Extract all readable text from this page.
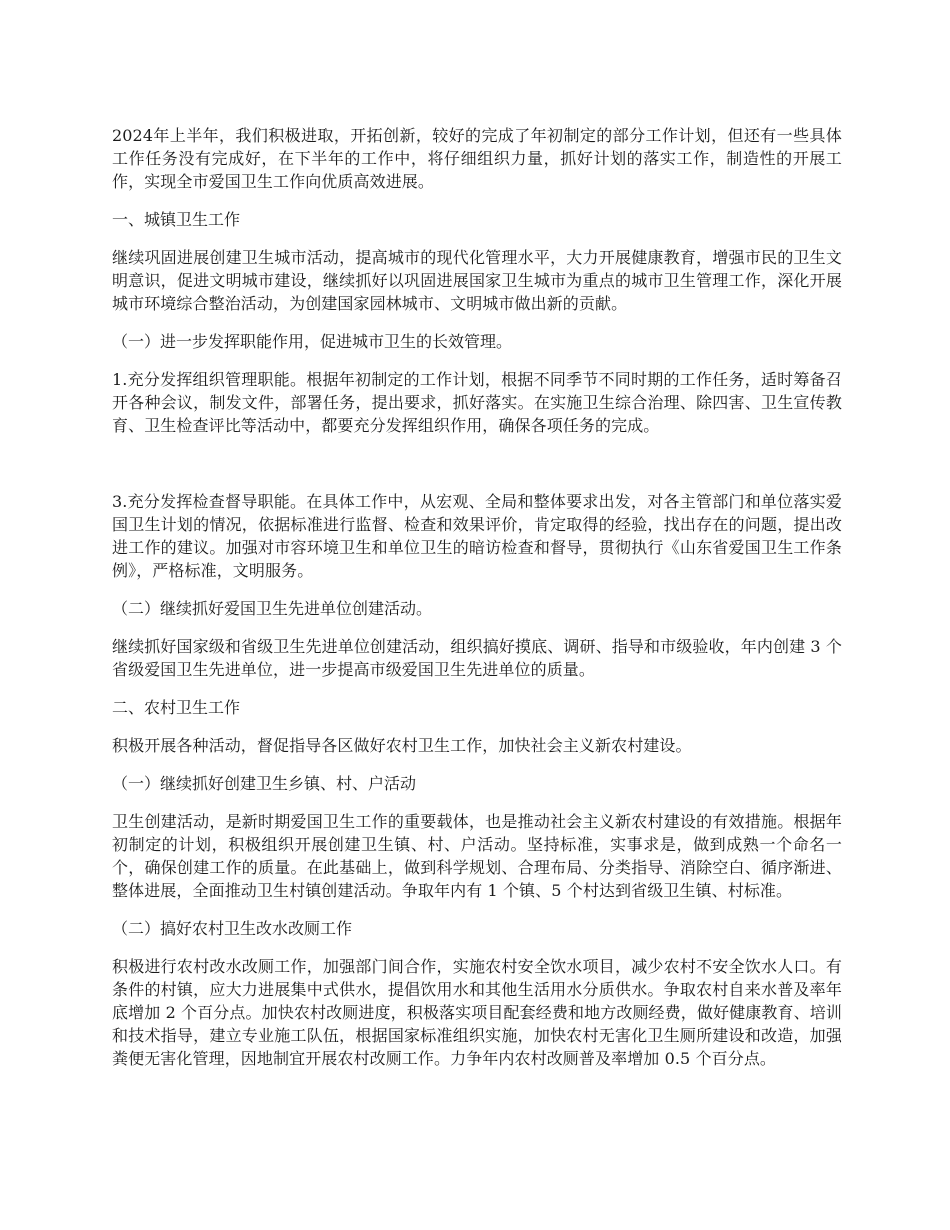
2024年上半年，我们积极进取，开拓创新，较好的完成了年初制定的部分工作计划，但还有一些具体工作任务没有完成好，在下半年的工作中，将仔细组织力量，抓好计划的落实工作，制造性的开展工作，实现全市爱国卫生工作向优质高效进展。

一、城镇卫生工作

继续巩固进展创建卫生城市活动，提高城市的现代化管理水平，大力开展健康教育，增强市民的卫生文明意识，促进文明城市建设，继续抓好以巩固进展国家卫生城市为重点的城市卫生管理工作，深化开展城市环境综合整治活动，为创建国家园林城市、文明城市做出新的贡献。

（一）进一步发挥职能作用，促进城市卫生的长效管理。

1.充分发挥组织管理职能。根据年初制定的工作计划，根据不同季节不同时期的工作任务，适时筹备召开各种会议，制发文件，部署任务，提出要求，抓好落实。在实施卫生综合治理、除四害、卫生宣传教育、卫生检查评比等活动中，都要充分发挥组织作用，确保各项任务的完成。

3.充分发挥检查督导职能。在具体工作中，从宏观、全局和整体要求出发，对各主管部门和单位落实爱国卫生计划的情况，依据标准进行监督、检查和效果评价，肯定取得的经验，找出存在的问题，提出改进工作的建议。加强对市容环境卫生和单位卫生的暗访检查和督导，贯彻执行《山东省爱国卫生工作条例》，严格标准，文明服务。

（二）继续抓好爱国卫生先进单位创建活动。

继续抓好国家级和省级卫生先进单位创建活动，组织搞好摸底、调研、指导和市级验收，年内创建 3 个省级爱国卫生先进单位，进一步提高市级爱国卫生先进单位的质量。

二、农村卫生工作

积极开展各种活动，督促指导各区做好农村卫生工作，加快社会主义新农村建设。

（一）继续抓好创建卫生乡镇、村、户活动

卫生创建活动，是新时期爱国卫生工作的重要载体，也是推动社会主义新农村建设的有效措施。根据年初制定的计划，积极组织开展创建卫生镇、村、户活动。坚持标准，实事求是，做到成熟一个命名一个，确保创建工作的质量。在此基础上，做到科学规划、合理布局、分类指导、消除空白、循序渐进、整体进展，全面推动卫生村镇创建活动。争取年内有 1 个镇、5 个村达到省级卫生镇、村标准。

（二）搞好农村卫生改水改厕工作

积极进行农村改水改厕工作，加强部门间合作，实施农村安全饮水项目，减少农村不安全饮水人口。有条件的村镇，应大力进展集中式供水，提倡饮用水和其他生活用水分质供水。争取农村自来水普及率年底增加 2 个百分点。加快农村改厕进度，积极落实项目配套经费和地方改厕经费，做好健康教育、培训和技术指导，建立专业施工队伍，根据国家标准组织实施，加快农村无害化卫生厕所建设和改造，加强粪便无害化管理，因地制宜开展农村改厕工作。力争年内农村改厕普及率增加 0.5 个百分点。
